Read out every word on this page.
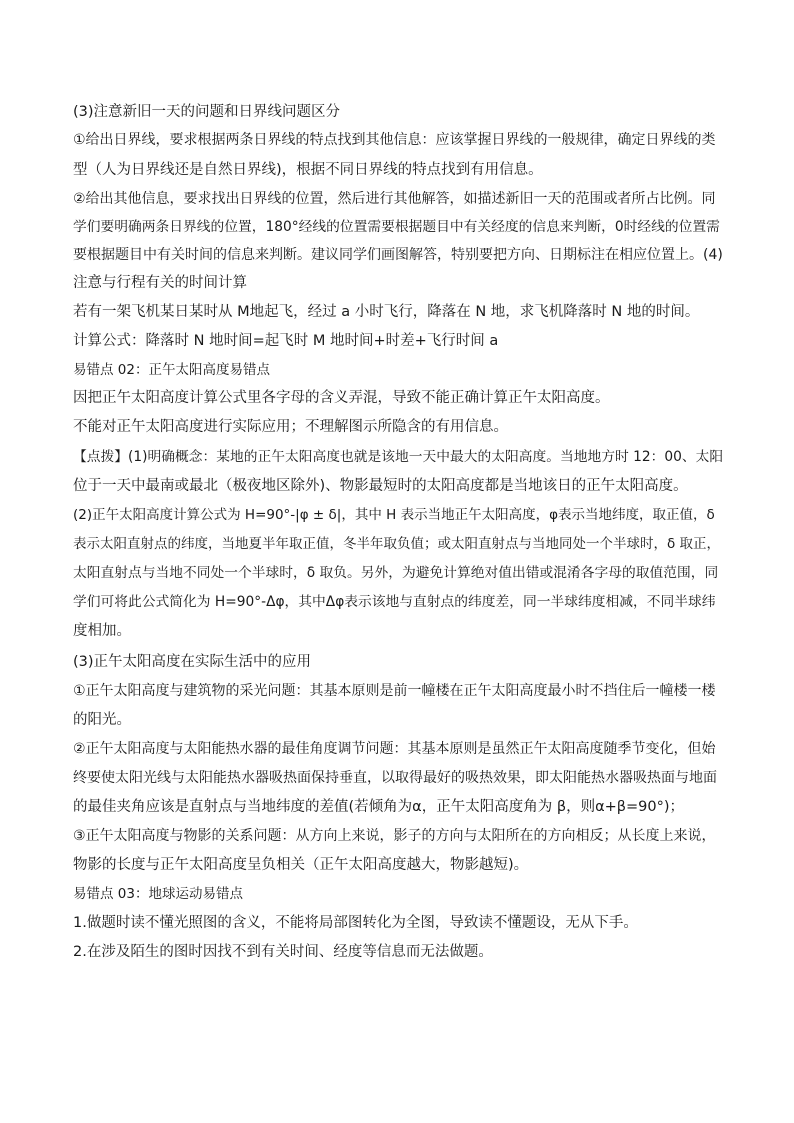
(3)注意新旧一天的问题和日界线问题区分
①给出日界线，要求根据两条日界线的特点找到其他信息：应该掌握日界线的一般规律，确定日界线的类
型（人为日界线还是自然日界线)，根据不同日界线的特点找到有用信息。
②给出其他信息，要求找出日界线的位置，然后进行其他解答，如描述新旧一天的范围或者所占比例。同
学们要明确两条日界线的位置，180°经线的位置需要根据题目中有关经度的信息来判断，0时经线的位置需
要根据题目中有关时间的信息来判断。建议同学们画图解答，特别要把方向、日期标注在相应位置上。(4)
注意与行程有关的时间计算
若有一架飞机某日某时从 M地起飞，经过 a 小时飞行，降落在 N 地，求飞机降落时 N 地的时间。
计算公式：降落时 N 地时间=起飞时 M 地时间+时差+飞行时间 a
易错点 02：正午太阳高度易错点
因把正午太阳高度计算公式里各字母的含义弄混，导致不能正确计算正午太阳高度。
不能对正午太阳高度进行实际应用；不理解图示所隐含的有用信息。
【点拨】(1)明确概念：某地的正午太阳高度也就是该地一天中最大的太阳高度。当地地方时 12：00、太阳
位于一天中最南或最北（极夜地区除外)、物影最短时的太阳高度都是当地该日的正午太阳高度。
(2)正午太阳高度计算公式为 H=90°-|φ ± δ|，其中 H 表示当地正午太阳高度，φ表示当地纬度，取正值，δ
表示太阳直射点的纬度，当地夏半年取正值，冬半年取负值；或太阳直射点与当地同处一个半球时，δ 取正，
太阳直射点与当地不同处一个半球时，δ 取负。另外，为避免计算绝对值出错或混淆各字母的取值范围，同
学们可将此公式简化为 H=90°-Δφ，其中Δφ表示该地与直射点的纬度差，同一半球纬度相减，不同半球纬
度相加。
(3)正午太阳高度在实际生活中的应用
①正午太阳高度与建筑物的采光问题：其基本原则是前一幢楼在正午太阳高度最小时不挡住后一幢楼一楼
的阳光。
②正午太阳高度与太阳能热水器的最佳角度调节问题：其基本原则是虽然正午太阳高度随季节变化，但始
终要使太阳光线与太阳能热水器吸热面保持垂直，以取得最好的吸热效果，即太阳能热水器吸热面与地面
的最佳夹角应该是直射点与当地纬度的差值(若倾角为α，正午太阳高度角为 β，则α+β=90°)；
③正午太阳高度与物影的关系问题：从方向上来说，影子的方向与太阳所在的方向相反；从长度上来说，
物影的长度与正午太阳高度呈负相关（正午太阳高度越大，物影越短)。
易错点 03：地球运动易错点
1.做题时读不懂光照图的含义，不能将局部图转化为全图，导致读不懂题设，无从下手。
2.在涉及陌生的图时因找不到有关时间、经度等信息而无法做题。
